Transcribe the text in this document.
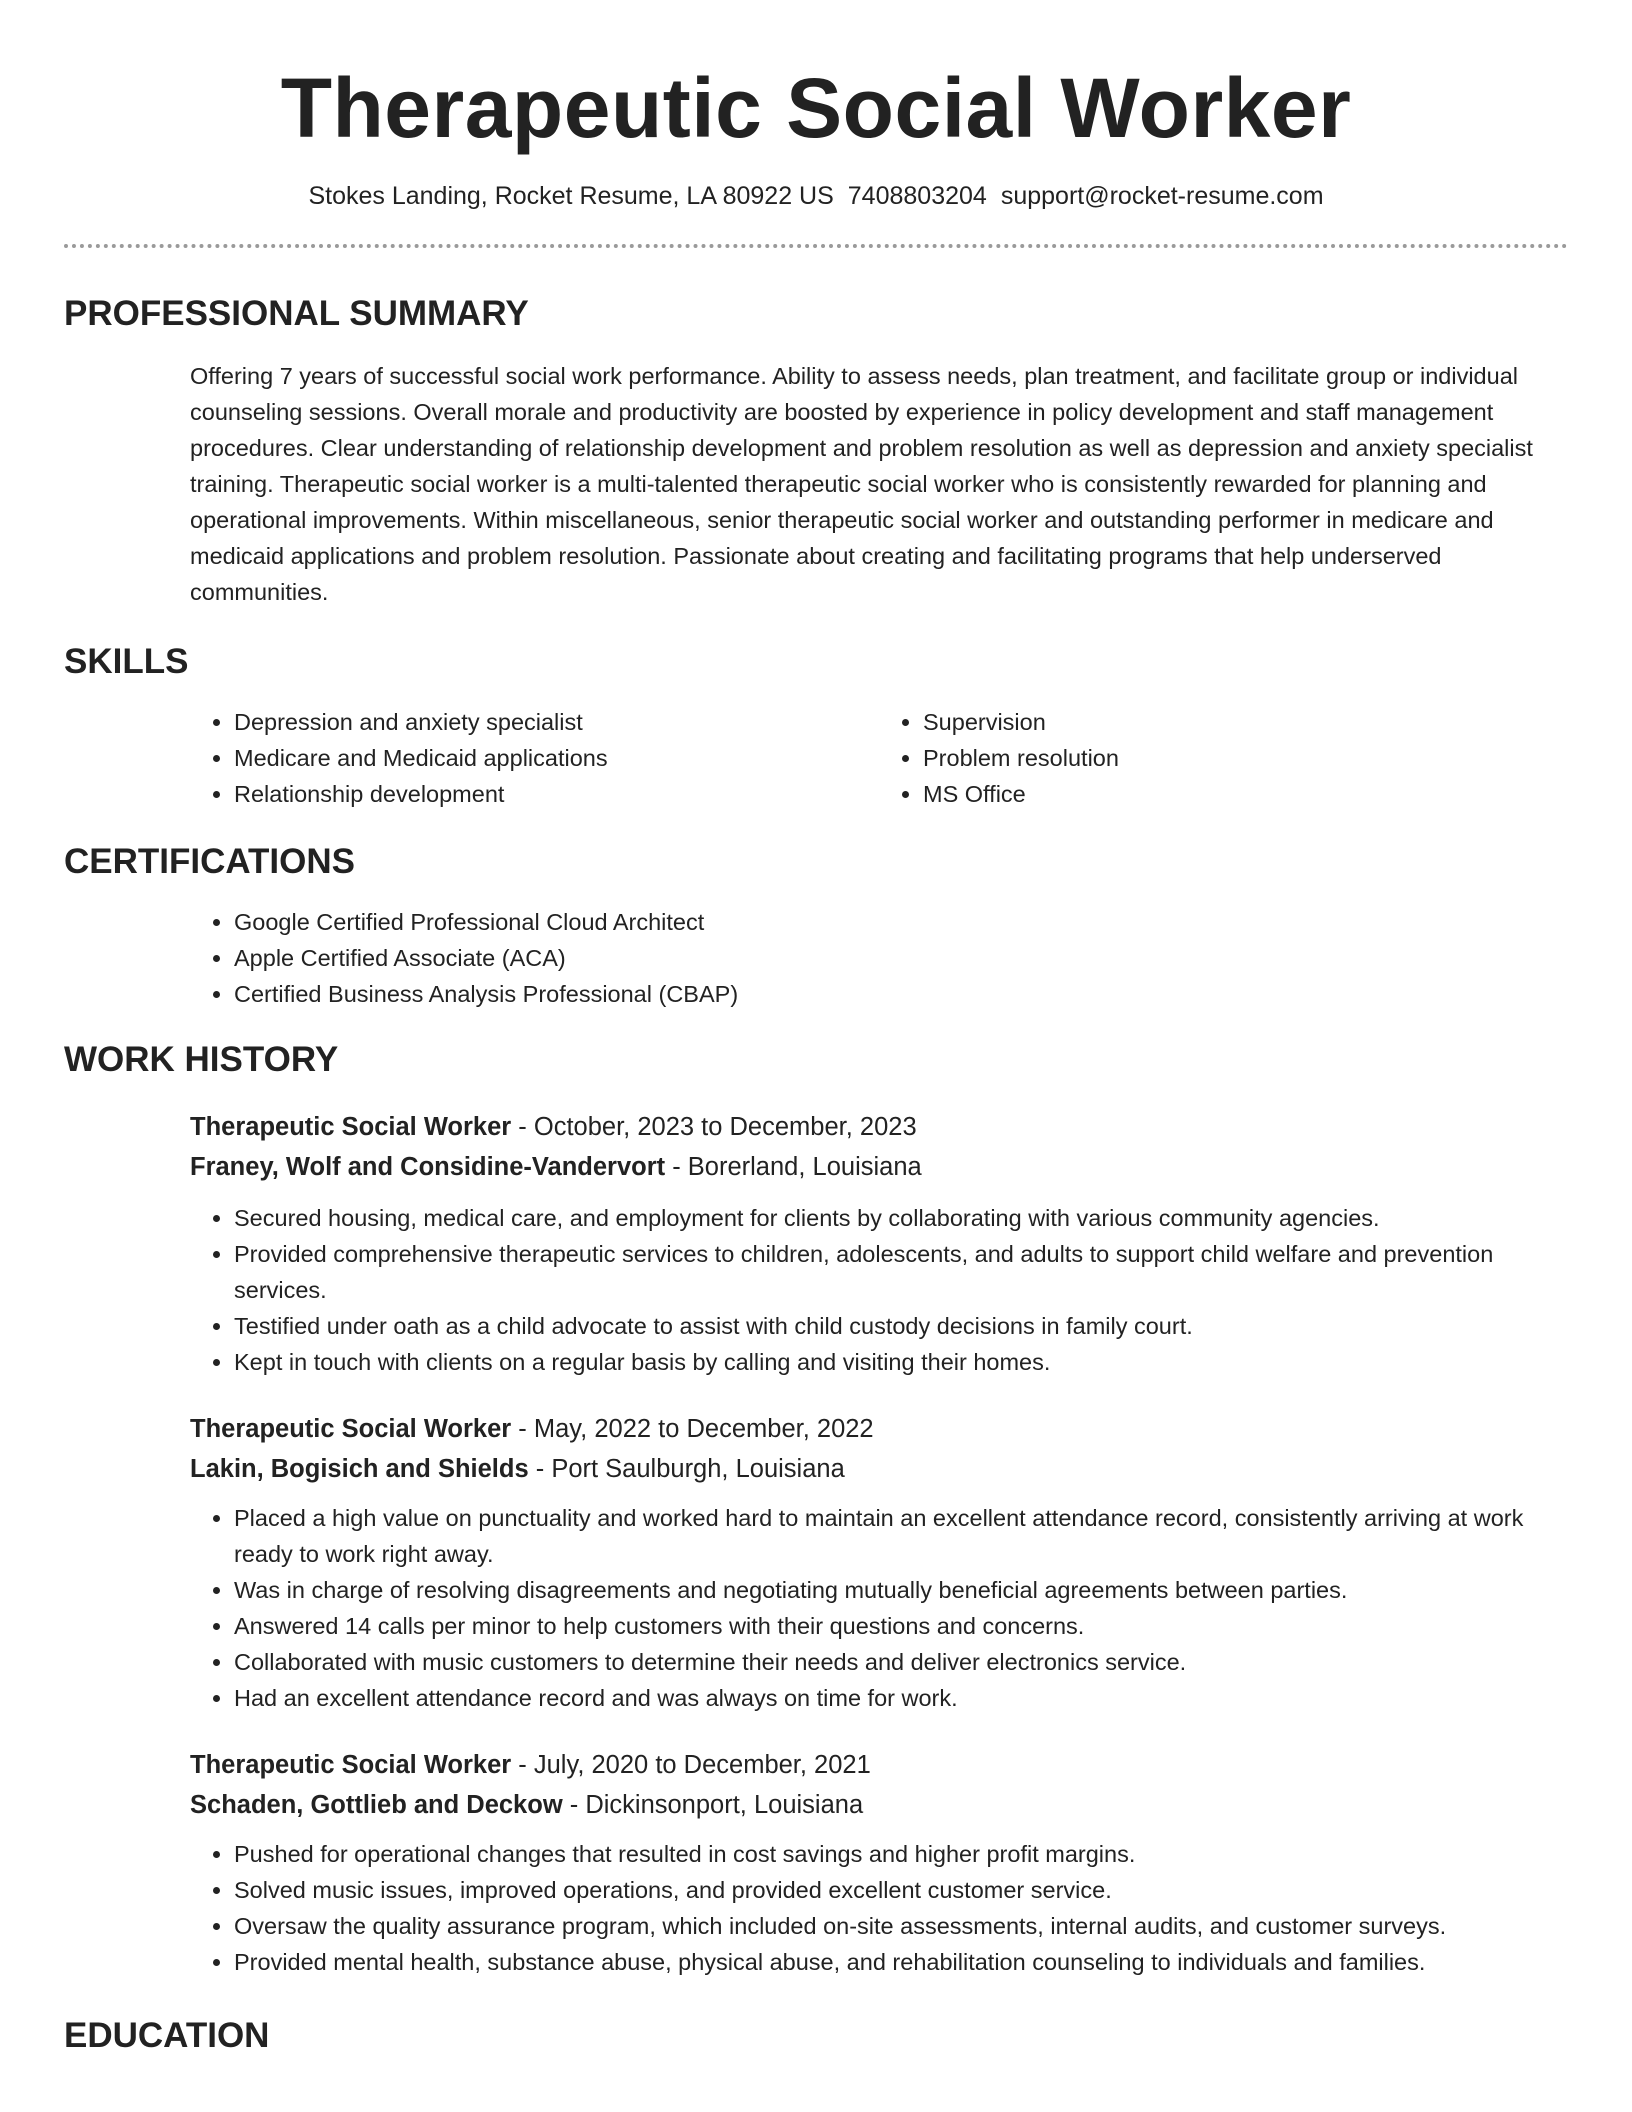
Therapeutic Social Worker
Stokes Landing, Rocket Resume, LA 80922 US 7408803204 support@rocket-resume.com
PROFESSIONAL SUMMARY
Offering 7 years of successful social work performance. Ability to assess needs, plan treatment, and facilitate group or individual counseling sessions. Overall morale and productivity are boosted by experience in policy development and staff management procedures. Clear understanding of relationship development and problem resolution as well as depression and anxiety specialist training. Therapeutic social worker is a multi-talented therapeutic social worker who is consistently rewarded for planning and operational improvements. Within miscellaneous, senior therapeutic social worker and outstanding performer in medicare and medicaid applications and problem resolution. Passionate about creating and facilitating programs that help underserved communities.
SKILLS
• Depression and anxiety specialist
• Medicare and Medicaid applications
• Relationship development
• Supervision
• Problem resolution
• MS Office
CERTIFICATIONS
• Google Certified Professional Cloud Architect
• Apple Certified Associate (ACA)
• Certified Business Analysis Professional (CBAP)
WORK HISTORY
Therapeutic Social Worker - October, 2023 to December, 2023
Franey, Wolf and Considine-Vandervort - Borerland, Louisiana
• Secured housing, medical care, and employment for clients by collaborating with various community agencies.
• Provided comprehensive therapeutic services to children, adolescents, and adults to support child welfare and prevention services.
• Testified under oath as a child advocate to assist with child custody decisions in family court.
• Kept in touch with clients on a regular basis by calling and visiting their homes.
Therapeutic Social Worker - May, 2022 to December, 2022
Lakin, Bogisich and Shields - Port Saulburgh, Louisiana
• Placed a high value on punctuality and worked hard to maintain an excellent attendance record, consistently arriving at work ready to work right away.
• Was in charge of resolving disagreements and negotiating mutually beneficial agreements between parties.
• Answered 14 calls per minor to help customers with their questions and concerns.
• Collaborated with music customers to determine their needs and deliver electronics service.
• Had an excellent attendance record and was always on time for work.
Therapeutic Social Worker - July, 2020 to December, 2021
Schaden, Gottlieb and Deckow - Dickinsonport, Louisiana
• Pushed for operational changes that resulted in cost savings and higher profit margins.
• Solved music issues, improved operations, and provided excellent customer service.
• Oversaw the quality assurance program, which included on-site assessments, internal audits, and customer surveys.
• Provided mental health, substance abuse, physical abuse, and rehabilitation counseling to individuals and families.
EDUCATION
